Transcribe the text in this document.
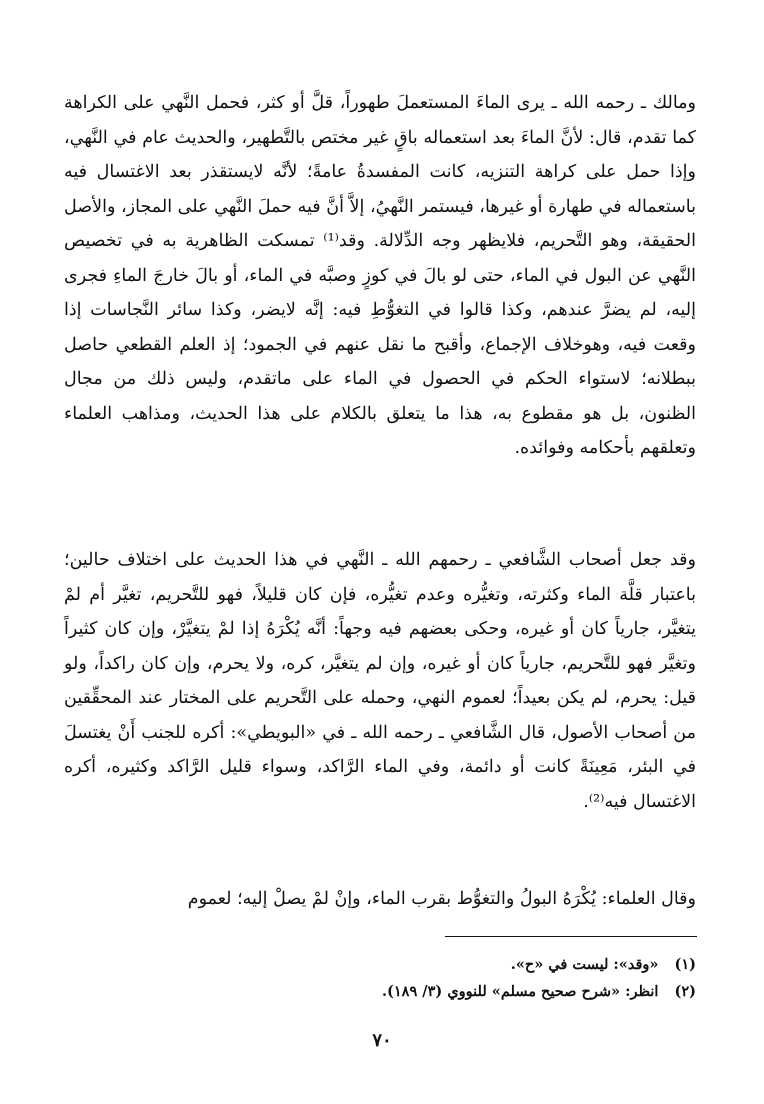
ومالك ـ رحمه الله ـ يرى الماءَ المستعملَ طهوراً، قلَّ أو كثر، فحمل النَّهي على الكراهة كما تقدم، قال: لأنَّ الماءَ بعد استعماله باقٍ غير مختص بالتَّطهير، والحديث عام في النَّهي، وإذا حمل على كراهة التنزيه، كانت المفسدةُ عامةً؛ لأنَّه لايستقذر بعد الاغتسال فيه باستعماله في طهارة أو غيرها، فيستمر النَّهيُ، إلاَّ أنَّ فيه حملَ النَّهي على المجاز، والأصل الحقيقة، وهو التَّحريم، فلايظهر وجه الدِّلالة. وقد⁽¹⁾ تمسكت الظاهرية به في تخصيص النَّهي عن البول في الماء، حتى لو بالَ في كوزٍ وصبَّه في الماء، أو بالَ خارجَ الماءِ فجرى إليه، لم يضرَّ عندهم، وكذا قالوا في التغوُّطِ فيه: إنَّه لايضر، وكذا سائر النَّجاسات إذا وقعت فيه، وهوخلاف الإجماع، وأقبح ما نقل عنهم في الجمود؛ إذ العلم القطعي حاصل ببطلانه؛ لاستواء الحكم في الحصول في الماء على ماتقدم، وليس ذلك من مجال الظنون، بل هو مقطوع به، هذا ما يتعلق بالكلام على هذا الحديث، ومذاهب العلماء وتعلقهم بأحكامه وفوائده.

وقد جعل أصحاب الشَّافعي ـ رحمهم الله ـ النَّهي في هذا الحديث على اختلاف حالين؛ باعتبار قلَّة الماء وكثرته، وتغيُّره وعدم تغيُّره، فإن كان قليلاً، فهو للتَّحريم، تغيَّر أم لمْ يتغيَّر، جارياً كان أو غيره، وحكى بعضهم فيه وجهاً: أنَّه يُكْرَهُ إذا لمْ يتغيَّرْ، وإن كان كثيراً وتغيَّر فهو للتَّحريم، جارياً كان أو غيره، وإن لم يتغيَّر، كره، ولا يحرم، وإن كان راكداً، ولو قيل: يحرم، لم يكن بعيداً؛ لعموم النهي، وحمله على التَّحريم على المختار عند المحقِّقين من أصحاب الأصول، قال الشَّافعي ـ رحمه الله ـ في «البويطي»: أكره للجنب أَنْ يغتسلَ في البئر، مَعِينَةً كانت أو دائمة، وفي الماء الرَّاكد، وسواء قليل الرَّاكد وكثيره، أكره الاغتسال فيه⁽²⁾.

وقال العلماء: يُكْرَهُ البولُ والتغوُّط بقرب الماء، وإنْ لمْ يصلْ إليه؛ لعموم

(١)
«وقد»: ليست في «ح».
(٢)
انظر: «شرح صحيح مسلم» للنووي (٣/ ١٨٩).
٧٠
